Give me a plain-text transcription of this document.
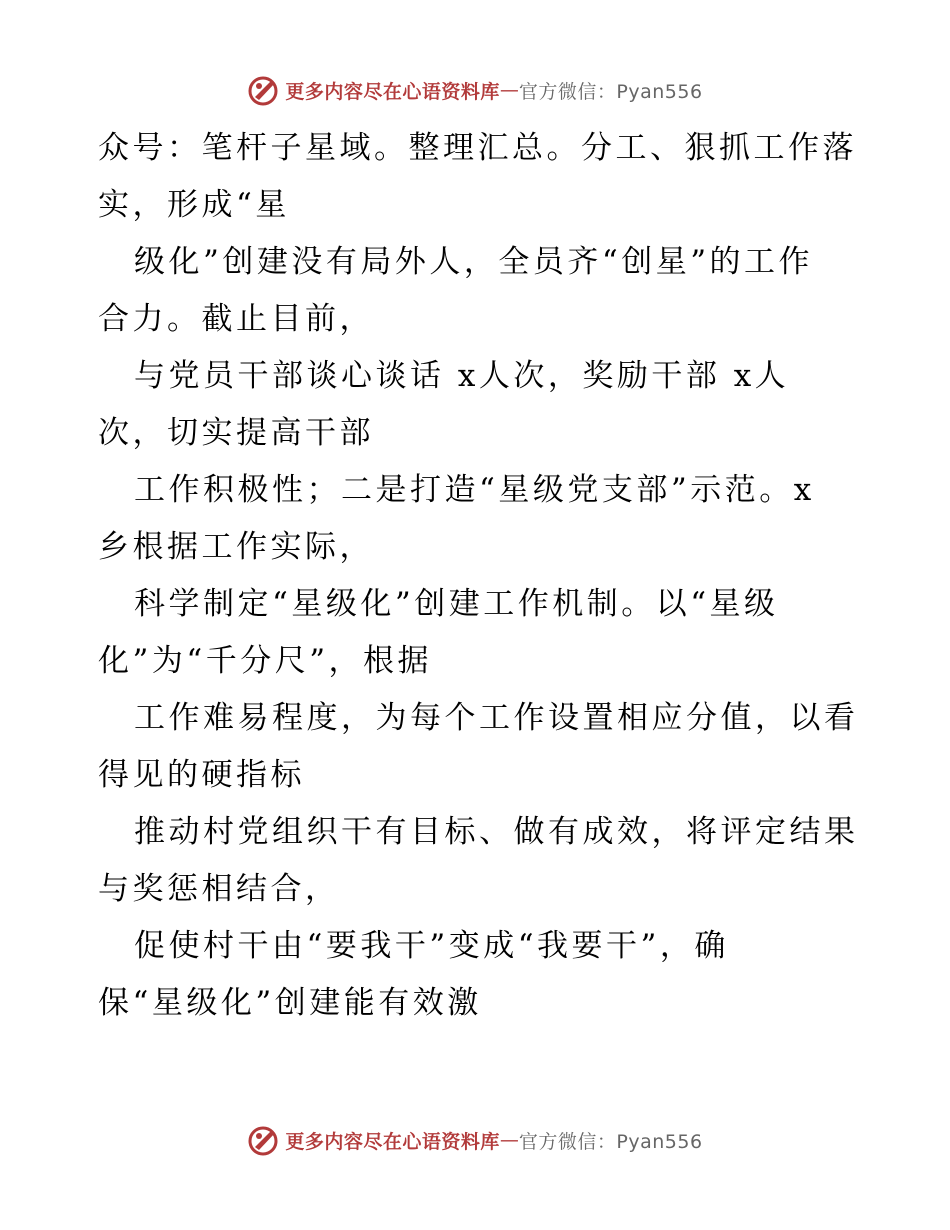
更多内容尽在心语资料库 — 官方微信：Pyan556
众号：笔杆子星域。整理汇总。分工、狠抓工作落
实，形成“星
级化”创建没有局外人，全员齐“创星”的工作
合力。截止目前，
与党员干部谈心谈话 x人次，奖励干部 x人
次，切实提高干部
工作积极性；二是打造“星级党支部”示范。x
乡根据工作实际，
科学制定“星级化”创建工作机制。以“星级
化”为“千分尺”，根据
工作难易程度，为每个工作设置相应分值，以看
得见的硬指标
推动村党组织干有目标、做有成效，将评定结果
与奖惩相结合，
促使村干由“要我干”变成“我要干”，确
保“星级化”创建能有效激
更多内容尽在心语资料库 — 官方微信：Pyan556
